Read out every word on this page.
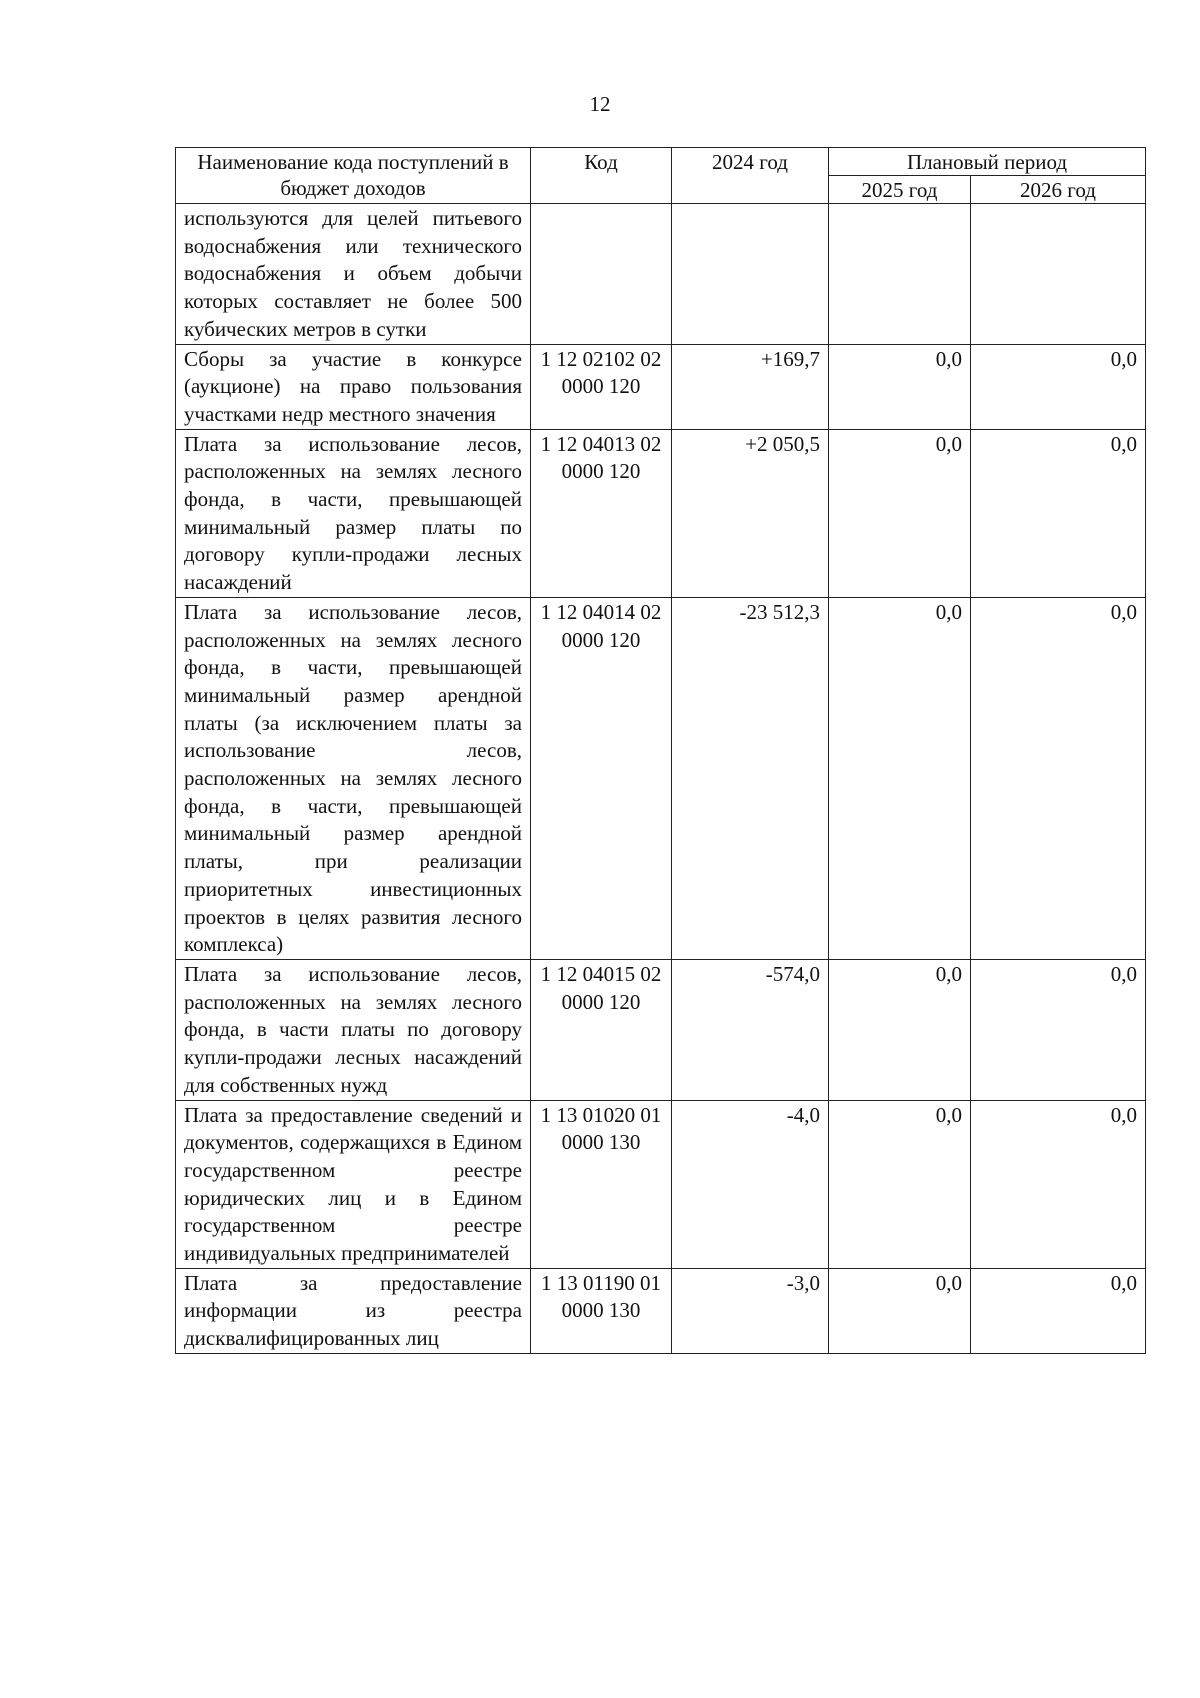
12
Наименование кода поступлений в бюджет доходов	Код	2024 год	Плановый период	
			2025 год	2026 год
используются для целей питьевого водоснабжения или технического водоснабжения и объем добычи которых составляет не более 500 кубических метров в сутки				
Сборы за участие в конкурсе (аукционе) на право пользования участками недр местного значения	1 12 02102 02 0000 120	+169,7	0,0	0,0
Плата за использование лесов, расположенных на землях лесного фонда, в части, превышающей минимальный размер платы по договору купли-продажи лесных насаждений	1 12 04013 02 0000 120	+2 050,5	0,0	0,0
Плата за использование лесов, расположенных на землях лесного фонда, в части, превышающей минимальный размер арендной платы (за исключением платы за использование лесов, расположенных на землях лесного фонда, в части, превышающей минимальный размер арендной платы, при реализации приоритетных инвестиционных проектов в целях развития лесного комплекса)	1 12 04014 02 0000 120	-23 512,3	0,0	0,0
Плата за использование лесов, расположенных на землях лесного фонда, в части платы по договору купли-продажи лесных насаждений для собственных нужд	1 12 04015 02 0000 120	-574,0	0,0	0,0
Плата за предоставление сведений и документов, содержащихся в Едином государственном реестре юридических лиц и в Едином государственном реестре индивидуальных предпринимателей	1 13 01020 01 0000 130	-4,0	0,0	0,0
Плата за предоставление информации из реестра дисквалифицированных лиц	1 13 01190 01 0000 130	-3,0	0,0	0,0
